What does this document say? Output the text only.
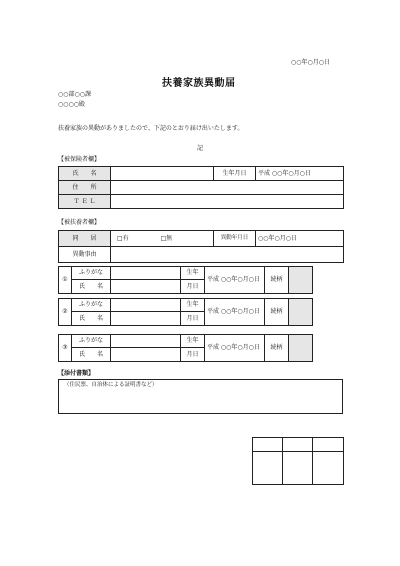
○○年○月○日
扶養家族異動届
○○部○○課
○○○○殿
扶養家族の異動がありましたので、下記のとおり届け出いたします。
記
【被保険者欄】
氏　　名		生年月日	平成 ○○年○月○日
住　　所			
Ｔ Ｅ Ｌ			
【被扶養者欄】
同　　居	□有 □無	異動年月日	○○年○月○日
異動事由			
①	ふりがな		生年	平成 ○○年○月○日	続柄	
	氏　　名		月日			
②	ふりがな		生年	平成 ○○年○月○日	続柄	
	氏　　名		月日			
③	ふりがな		生年	平成 ○○年○月○日	続柄	
	氏　　名		月日			
【添付書類】
（住民票、自治体による証明書など）
